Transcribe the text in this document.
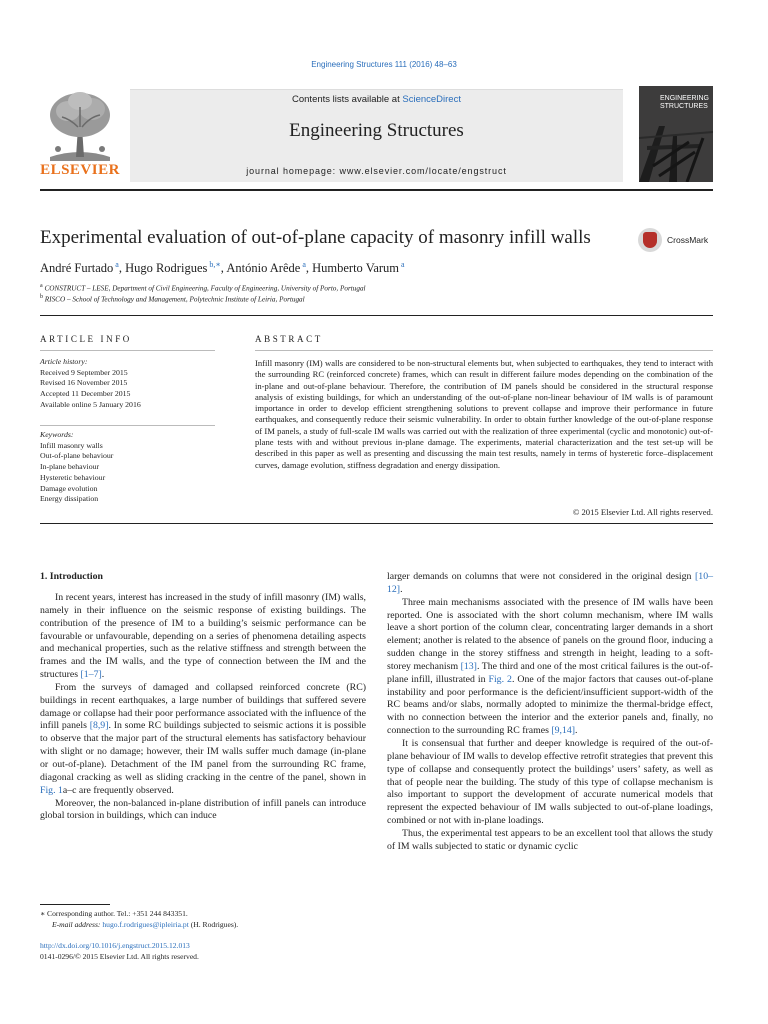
Engineering Structures 111 (2016) 48–63
ELSEVIER
Contents lists available at ScienceDirect
Engineering Structures
journal homepage: www.elsevier.com/locate/engstruct
ENGINEERING
STRUCTURES
Experimental evaluation of out-of-plane capacity of masonry infill walls	CrossMark
André Furtado $^a$, Hugo Rodrigues $^{b,∗}$, António Arêde $^a$, Humberto Varum $^a$
$^a$ CONSTRUCT – LESE, Department of Civil Engineering, Faculty of Engineering, University of Porto, Portugal
$^b$ RISCO – School of Technology and Management, Polytechnic Institute of Leiria, Portugal
ARTICLE INFO
Article history:
Received 9 September 2015
Revised 16 November 2015
Accepted 11 December 2015
Available online 5 January 2016
Keywords:
Infill masonry walls
Out-of-plane behaviour
In-plane behaviour
Hysteretic behaviour
Damage evolution
Energy dissipation
ABSTRACT
Infill masonry (IM) walls are considered to be non-structural elements but, when subjected to earthquakes, they tend to interact with the surrounding RC (reinforced concrete) frames, which can result in different failure modes depending on the combination of the in-plane and out-of-plane behaviour. Therefore, the contribution of IM panels should be considered in the structural response analysis of existing buildings, for which an understanding of the out-of-plane non-linear behaviour of IM walls is of paramount importance in order to develop efficient strengthening solutions to prevent collapse and improve their performance in future earthquakes, and consequently reduce their seismic vulnerability. In order to obtain further knowledge of the out-of-plane response of IM panels, a study of full-scale IM walls was carried out with the realization of three experimental (cyclic and monotonic) out-of-plane tests with and without previous in-plane damage. The experiments, material characterization and the test set-up will be described in this paper as well as presenting and discussing the main test results, namely in terms of hysteretic force–displacement curves, damage evolution, stiffness degradation and energy dissipation.
© 2015 Elsevier Ltd. All rights reserved.
1. Introduction

In recent years, interest has increased in the study of infill masonry (IM) walls, namely in their influence on the seismic response of existing buildings. The contribution of the presence of IM to a building’s seismic performance can be favourable or unfavourable, depending on a series of phenomena detailing aspects and mechanical properties, such as the relative stiffness and strength between the frames and the IM walls, and the type of connection between the IM and the structures [1–7].

From the surveys of damaged and collapsed reinforced concrete (RC) buildings in recent earthquakes, a large number of buildings that suffered severe damage or collapse had their poor performance associated with the influence of the infill panels [8,9]. In some RC buildings subjected to seismic actions it is possible to observe that the major part of the structural elements has satisfactory behaviour with slight or no damage; however, their IM walls suffer much damage (in-plane or out-of-plane). Detachment of the IM panel from the surrounding RC frame, diagonal cracking as well as sliding cracking in the centre of the panel, shown in Fig. 1a–c are frequently observed.

Moreover, the non-balanced in-plane distribution of infill panels can introduce global torsion in buildings, which can induce

larger demands on columns that were not considered in the original design [10–12].

Three main mechanisms associated with the presence of IM walls have been reported. One is associated with the short column mechanism, where IM walls leave a short portion of the column clear, concentrating larger demands in a short element; another is related to the absence of panels on the ground floor, inducing a sudden change in the storey stiffness and strength in height, leading to a soft-storey mechanism [13]. The third and one of the most critical failures is the out-of-plane infill, illustrated in Fig. 2. One of the major factors that causes out-of-plane instability and poor performance is the deficient/insufficient support-width of the RC beams and/or slabs, normally adopted to minimize the thermal-bridge effect, with no connection between the interior and the exterior panels and, finally, no connection to the surrounding RC frames [9,14].

It is consensual that further and deeper knowledge is required of the out-of-plane behaviour of IM walls to develop effective retrofit strategies that prevent this type of collapse and consequently protect the buildings’ users’ safety, as well as that of people near the building. The study of this type of collapse mechanism is also important to support the development of accurate numerical models that represent the expected behaviour of IM walls subjected to out-of-plane loadings, combined or not with in-plane loadings.

Thus, the experimental test appears to be an excellent tool that allows the study of IM walls subjected to static or dynamic cyclic

∗ Corresponding author. Tel.: +351 244 843351.
E-mail address: hugo.f.rodrigues@ipleiria.pt (H. Rodrigues).
http://dx.doi.org/10.1016/j.engstruct.2015.12.013
0141-0296/© 2015 Elsevier Ltd. All rights reserved.
